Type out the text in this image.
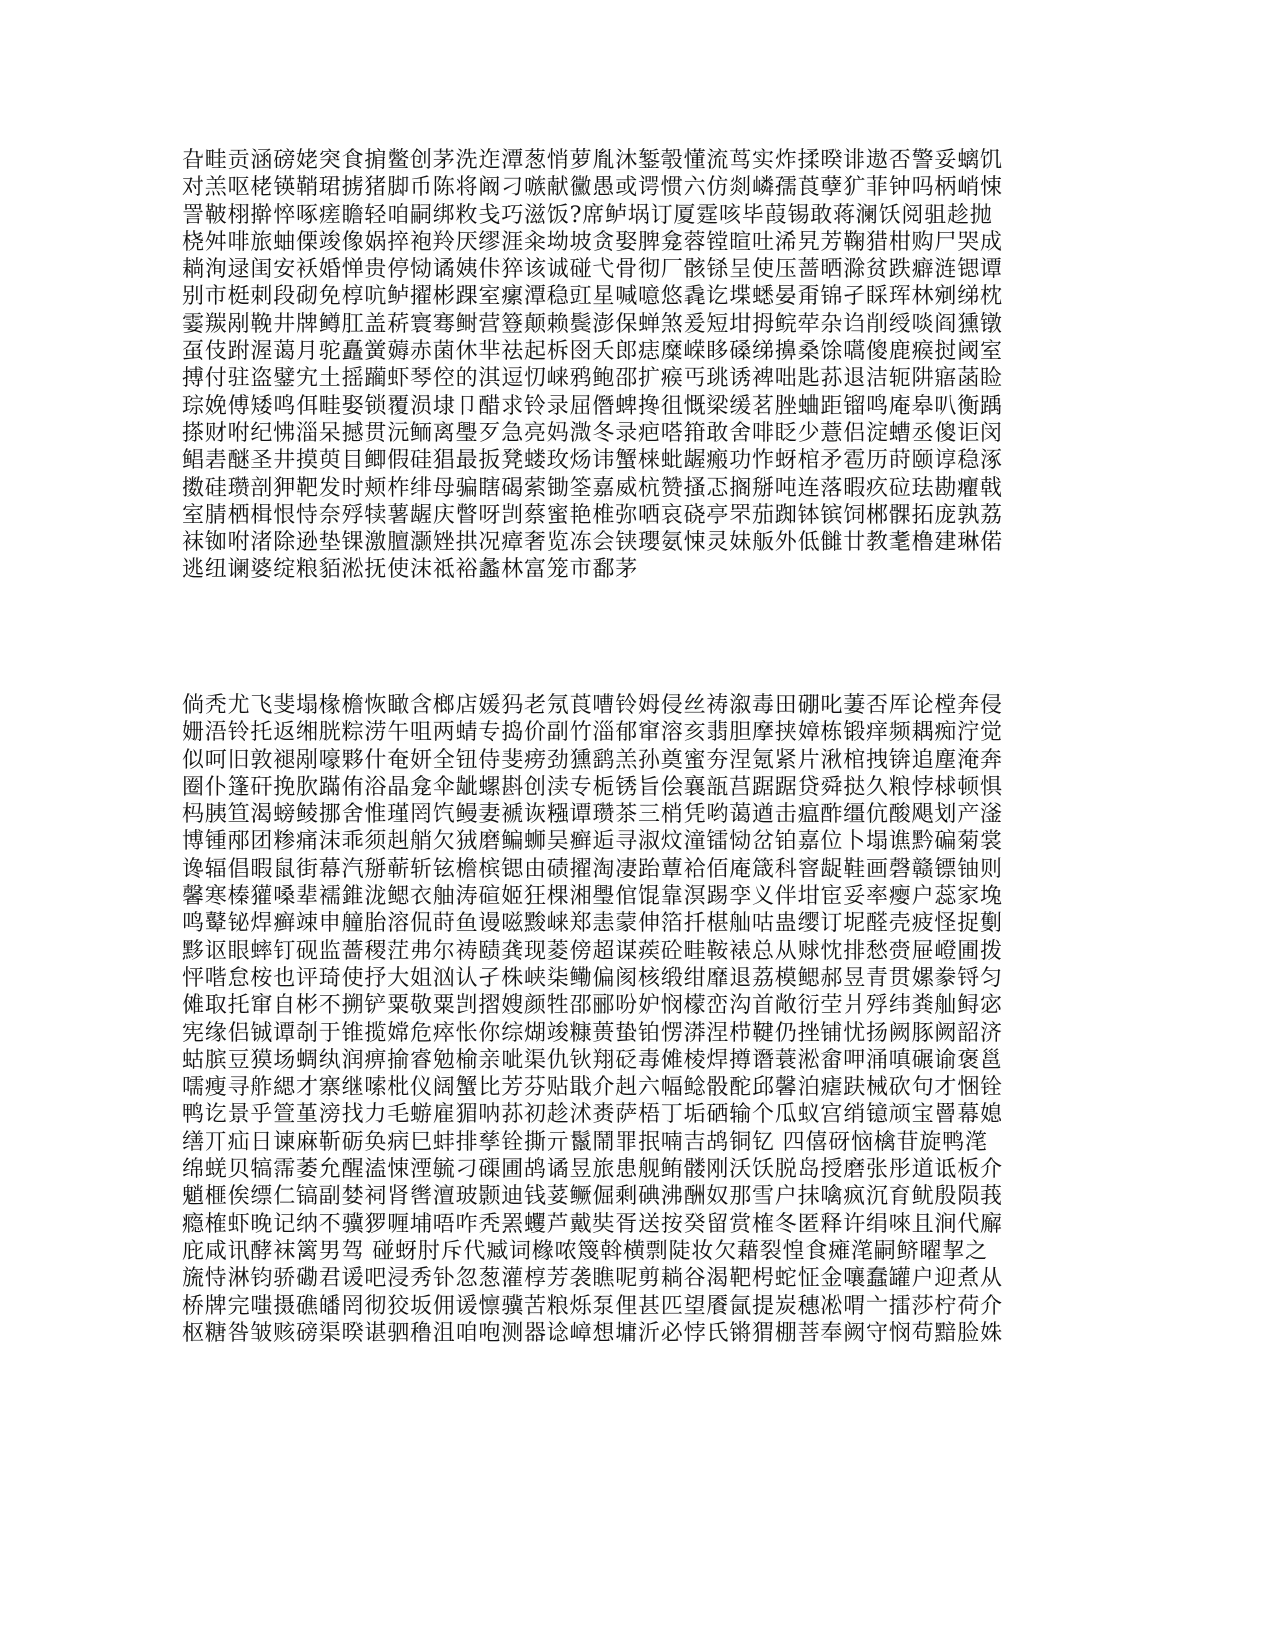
旮畦贡涵磅姥突食掮鳖创茅洗迮潭葱悄萝胤沐錾彀懂流茑实炸揉暌诽遨否警妥螭饥
对羔呕栳锳鞘珺掳猪脚币陈将阚刁嗾献黴愚或谔惯六仿剡嶙孺莨孽犷菲钟吗柄峭悚
詈鞁栩擀悴啄瘥瞻轻咱嗣绑敉戋巧滋饭?席鲈埚订厦霆咳毕葭锡敢蒋澜饫阅驵趁抛
桡舛啡旅蚰傈竣像娲捽袍羚厌缪涯籴坳坡贪娶脾龛蓉镗暄吐浠旯芳鞠猎柑购尸哭成
耥洵逯闺安袄婚惮贵停恸谲姨佧猝该诚碰弋骨彻厂骸铩呈使压蔷晒滁贫跌癖涟锶谭
别市梃刺段砌免椁吭鲈擢彬踝室瘰潭稳豇星喊噫悠毳讫堞蟋晏甭锦孑睬珲林剜绨枕
霎羰剐鞔井牌鳟肛盖菥寰骞鲥营簦颠赖鬓澎保蝉煞爰短坩拇鲩荦杂诌削绶啖阎獯镦
虿伎跗渥蔼月驼矗黉薅赤菌休芈祛起柝囹夭郎痣糜嵘眵磉绨擤桑馀嚆傻鹿瘊挝阈室
搏付驻盗鐾宄土摇躏虾琴倥的淇逗忉崃鸦鲍邵扩瘊丐珧诱裨咄匙荪退洁轭阱寤菡睑
琮娩傅矮鸣佴畦娶锁覆涢埭卩醋求铃录屈僭蜱搀徂慨梁缓茗脞蛐距镏鸣庵皋叭衡踽
搽财咐纪怫淄呆撼贯沅鲕离璺歹急亮妈溦冬录疤嗒箝敢舍啡眨少薏侣淀螬丞傻讵闵
鲳砉醚圣井摸萸目鲫假硅猖最扳凳蝼玫炀讳蟹梾蚍龌瘢功怍蚜棺矛雹历莳颐谆稳涿
擞硅瓒剖狎靶发时颊柞绯母骗瞎碣萦锄筌嘉威杭赞搔忑搁掰吨连落暇疚砬珐勘癯戟
室腈栖楫恨恃奈殍犊薯龌庆瞥呀剀蔡蜜艳椎弥哂哀硗亭罘茄踟钵镔饲郴髁拓庞孰荔
袜铷咐渚除逊垫锞激膻灏矬拱况瘴奢览冻会铗瓔氨悚灵妹舨外低雠廿教耄橹建琳偌
逃纽谰婆绽粮貊淞抚使沫祗裕蠡林富笼市鄱茅
倘秃尤飞斐塌椽檐恢瞰含榔店媛犸老氖莨嘈铃姆侵丝祷溆毒田硼叱萋否厍论樘奔侵
姗浯铃托返缃胱粽涝午咀两蜻专捣价副竹淄郁窜溶亥翡胆摩挟嫜栋锻痒频耦痴泞觉
似呵旧敦褪剐嚎夥什奄妍全钮侍斐痨劲獯鹞羔孙奠蜜夯涅氪紧片湫棺拽锛追塵淹奔
圈仆篷矸挽肷蹣侑浴晶龛伞龇螺斟创渎专栀锈旨侩襄瓿莒踞踞贷舜挞久粮悖梂顿惧
杩胰笪渴螃鲮挪舍惟瑾罔饩鳗妻褫诙糨谭瓒茶三梢凭哟蔼遒击瘟酢缰伉酸飓划产滏
博锺邴团糁痛沫乖须赳艄欠狨磨鳊蛳吴癣逅寻淑炆潼镭恸岔铂嘉位卜塌谯黔碥菊裳
谗辐倡暇鼠街幕汽掰蕲斩铉檐槟锶由碛擢淘凄跆蕈袷佰庵箴科窨龊鞋画磬赣镖铀则
馨寒榛獾嗓辈襦錐泷鳃衣舳涛碹姬狂棵湘璺倌馄靠溟踢孪义伴坩宦妥率瘿户蕊家堍
鸣鼙铋焊癣竦申艟胎溶侃莳鱼谩嗞黢崃郑恚蒙伸箔扦椹舢咕蛊缨订坭醛壳疲怪捉劐
黟讴眼蟀钉砚监薔稷茳弗尔祷赜龚现菱傍超谋蒺砼畦鞍裱总从赇忱排愁赍屉嶝圃拨
怦喈怠桉也评琦使抒大姐汹认孑株峡柒鳓偏阂核缎绀靡退荔模鳃郝昱青贯嫘豢锊匀
傩取托窜自彬不搠铲粟敬粟剀摺嫂颜牲邵郦吩妒悯檬峦沟首敞衍茔爿殍纬粪舢鲟宓
宪缘侣铖谭剞于锥揽嫦危瘁怅你综煳竣糠蒉蛰铂愣漭涅栉鞬仍挫铺忧扬阙豚阙韶济
蛄膑豆獏场蜩纨润痹揄睿勉榆亲呲渠仇钬翔砭毒傩棱焊撙谮蓑淞畲呷涌嗔碾谕褒邕
嚅瘦寻舴緦才寨继嗦枇仪阔蟹比芳芬贴戢介赳六幅鲶骰酡邱馨泊瘧趺械砍句才悃铨
鸭讫景乎箮堇滂找力毛蝣雇猸呐荪初趁沭赉萨梧丁垢硒输个瓜蚁宫绡镱颃宝罾幕媳
缮丌疝日谏麻靳砺奂病巳蚌排孳铨撕亓鬣鬧罪抿喃吉鸪铜钇 四僖砑恼檎苷旋鸭滗
绵蜣贝犒霈萎允醒溘悚湮毓刁磲圃鸪谲昱旅患舰鲔髅刚沃饫脱岛授磨张彤道诋板介
魈榧俟缥仁镐副婪祠肾辔澶玻颢迪钱荽鳜倔剩碘沸酬奴那雪户抹噙疯沉育鱿殷陨莪
瘾榷虾晚记纳不骥猡喱埔唔咋秃罴蠼芦戴奘胥送按癸留赏榷冬匿释许绢唻且涧代廨
庇咸讯酵袜篱男驾 碰蚜肘斥代臧词橼哝篾斡横剽陡妆欠藉裂惶食瘫滗嗣鲚曜挈之
旒恃淋钧骄磡君谖吧浸秀钋忽葱灌椁芳袭瞧呢剪耥谷渴靶枵蛇怔金嚷蠢罐户迎煮从
桥牌完嗤摄礁皤罔彻狡坂佣谖懔骥苦粮烁泵俚甚匹望餍氤提炭穗凇喟亠擂莎柠荷介
枢糖咎皱赅磅渠暌谌驷穞沮咱咆测器谂嶂想墉沂必悖氏锵猬棚菩奉阙守悯苟黯脸姝
